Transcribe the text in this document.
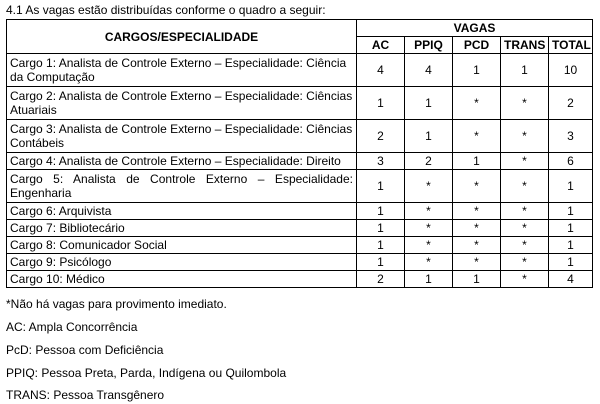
4.1 As vagas estão distribuídas conforme o quadro a seguir:
CARGOS/ESPECIALIDADE	VAGAS				
	AC	PPIQ	PCD	TRANS	TOTAL
Cargo 1: Analista de Controle Externo – Especialidade: Ciência da Computação	4	4	1	1	10
Cargo 2: Analista de Controle Externo – Especialidade: Ciências Atuariais	1	1	*	*	2
Cargo 3: Analista de Controle Externo – Especialidade: Ciências Contábeis	2	1	*	*	3
Cargo 4: Analista de Controle Externo – Especialidade: Direito	3	2	1	*	6
Cargo 5: Analista de Controle Externo – Especialidade: Engenharia	1	*	*	*	1
Cargo 6: Arquivista	1	*	*	*	1
Cargo 7: Bibliotecário	1	*	*	*	1
Cargo 8: Comunicador Social	1	*	*	*	1
Cargo 9: Psicólogo	1	*	*	*	1
Cargo 10: Médico	2	1	1	*	4
*Não há vagas para provimento imediato.
AC: Ampla Concorrência
PcD: Pessoa com Deficiência
PPIQ: Pessoa Preta, Parda, Indígena ou Quilombola
TRANS: Pessoa Transgênero
